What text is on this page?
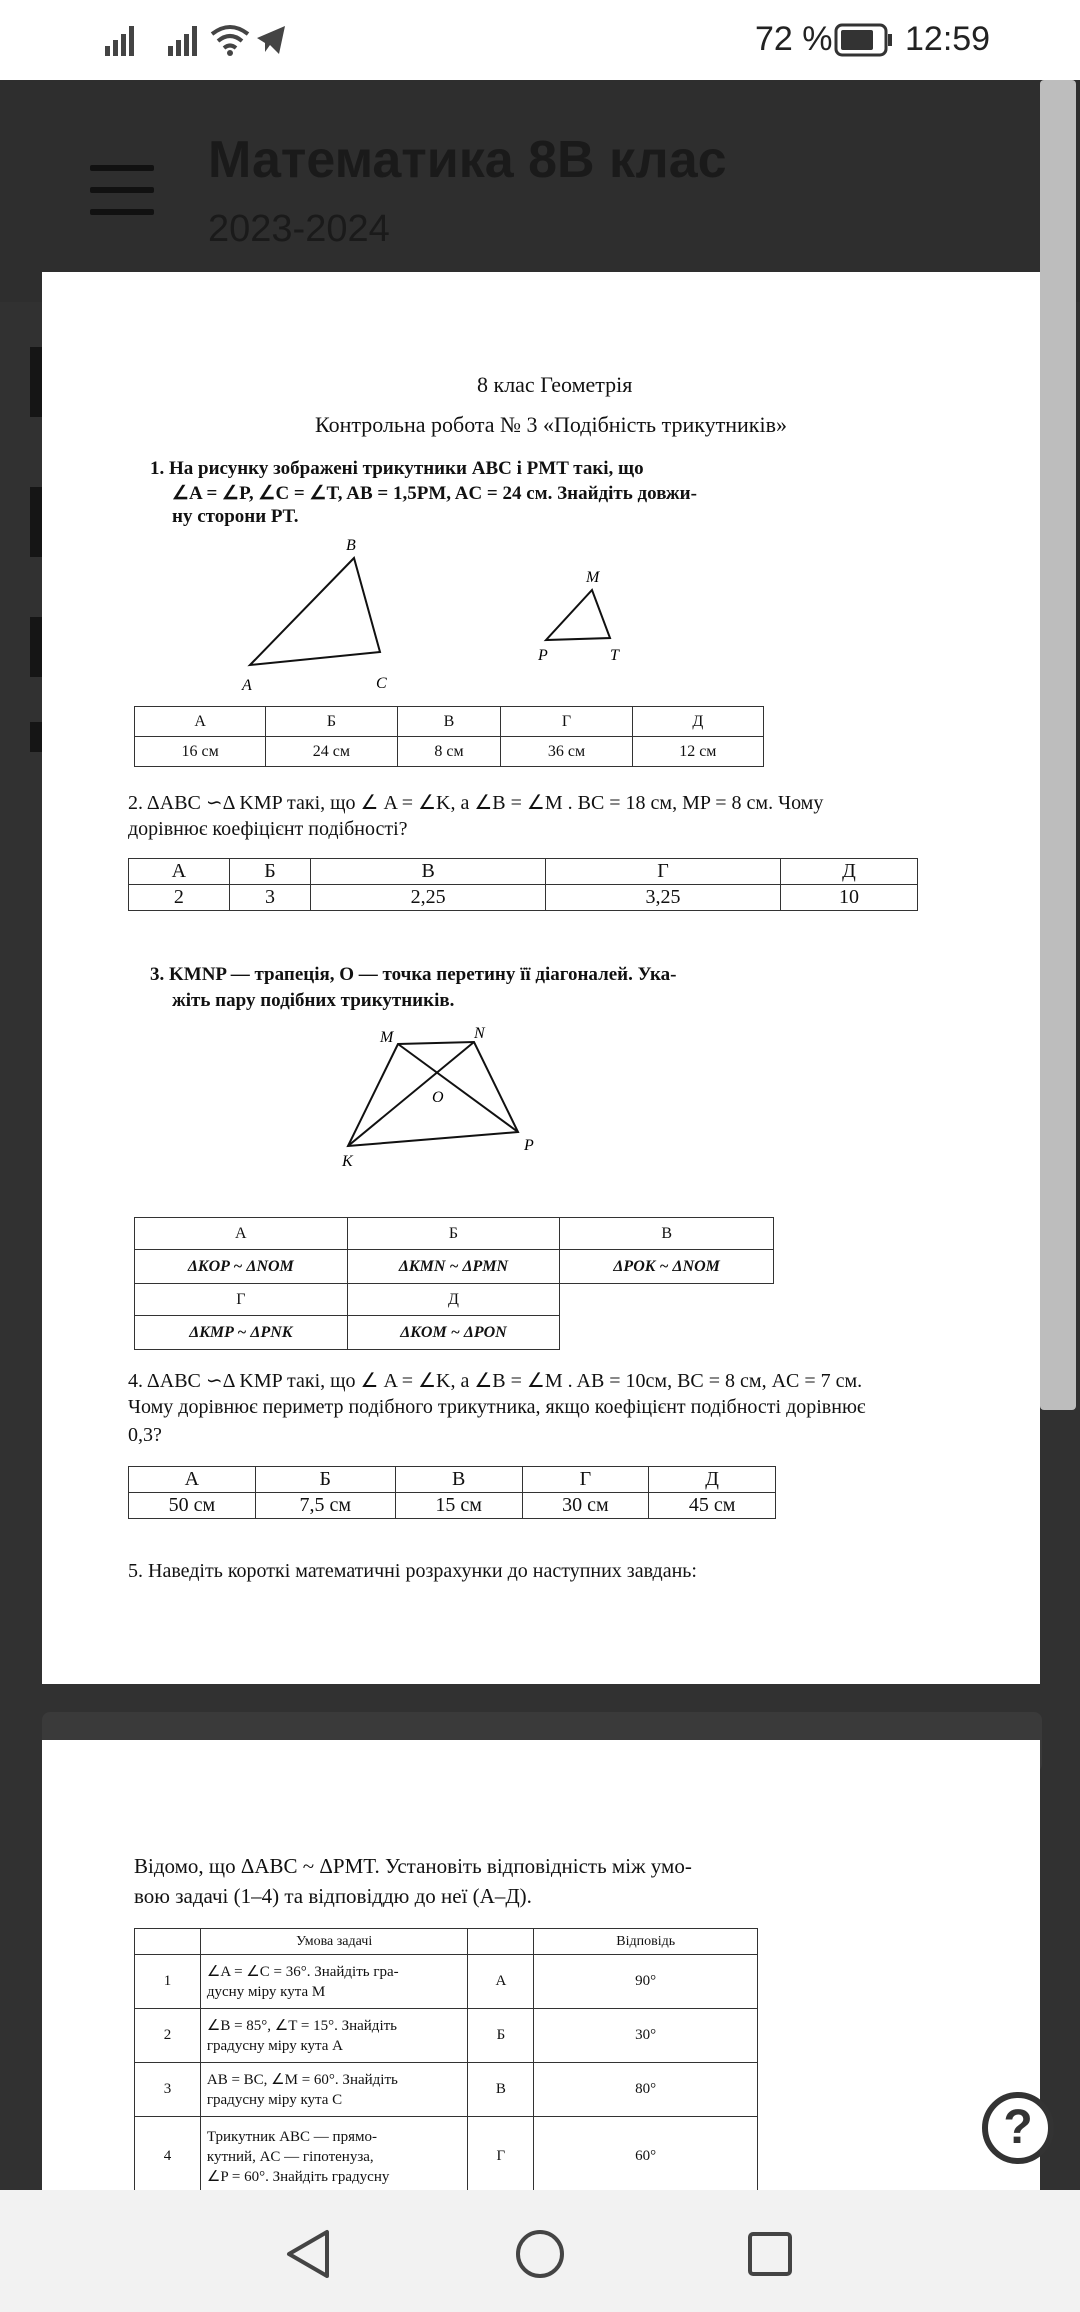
72 % 12:59
Математика 8В клас
2023-2024
8 клас Геометрія
Контрольна робота № 3 «Подібність трикутників»
1. На рисунку зображені трикутники ABC і PMT такі, що
∠A = ∠P, ∠C = ∠T, AB = 1,5PM, AC = 24 см. Знайдіть довжи-
ну сторони PT.
B
A	C
M
P	T
А	Б	В	Г	Д
16 см	24 см	8 см	36 см	12 см
2. ΔABC ∽Δ KMP такі, що ∠ A = ∠K, а ∠B = ∠M . BC = 18 см, MP = 8 см. Чому
дорівнює коефіцієнт подібності?
А	Б	В	Г	Д
2	3	2,25	3,25	10
3. KMNP — трапеція, O — точка перетину її діагоналей. Ука-
жіть пару подібних трикутників.
M	N
O
K
P
А	Б	В
ΔKOP ~ ΔNOM	ΔKMN ~ ΔPMN	ΔPOK ~ ΔNOM
Г	Д	
ΔKMP ~ ΔPNK	ΔKOM ~ ΔPON	
4. ΔABC ∽Δ KMP такі, що ∠ A = ∠K, а ∠B = ∠M . AB = 10см, BC = 8 см, AC = 7 см.
Чому дорівнює периметр подібного трикутника, якщо коефіцієнт подібності дорівнює
0,3?
А	Б	В	Г	Д
50 см	7,5 см	15 см	30 см	45 см
5. Наведіть короткі математичні розрахунки до наступних завдань:
Відомо, що ΔABC ~ ΔPMT. Установіть відповідність між умо-
вою задачі (1–4) та відповіддю до неї (А–Д).
	Умова задачі		Відповідь
1	∠A = ∠C = 36°. Знайдіть гра-
дусну міру кута M	А	90°
2	∠B = 85°, ∠T = 15°. Знайдіть
градусну міру кута A	Б	30°
3	AB = BC, ∠M = 60°. Знайдіть
градусну міру кута C	В	80°
4	Трикутник ABC — прямо-
кутний, AC — гіпотенуза,
∠P = 60°. Знайдіть градусну	Г	60°
?
